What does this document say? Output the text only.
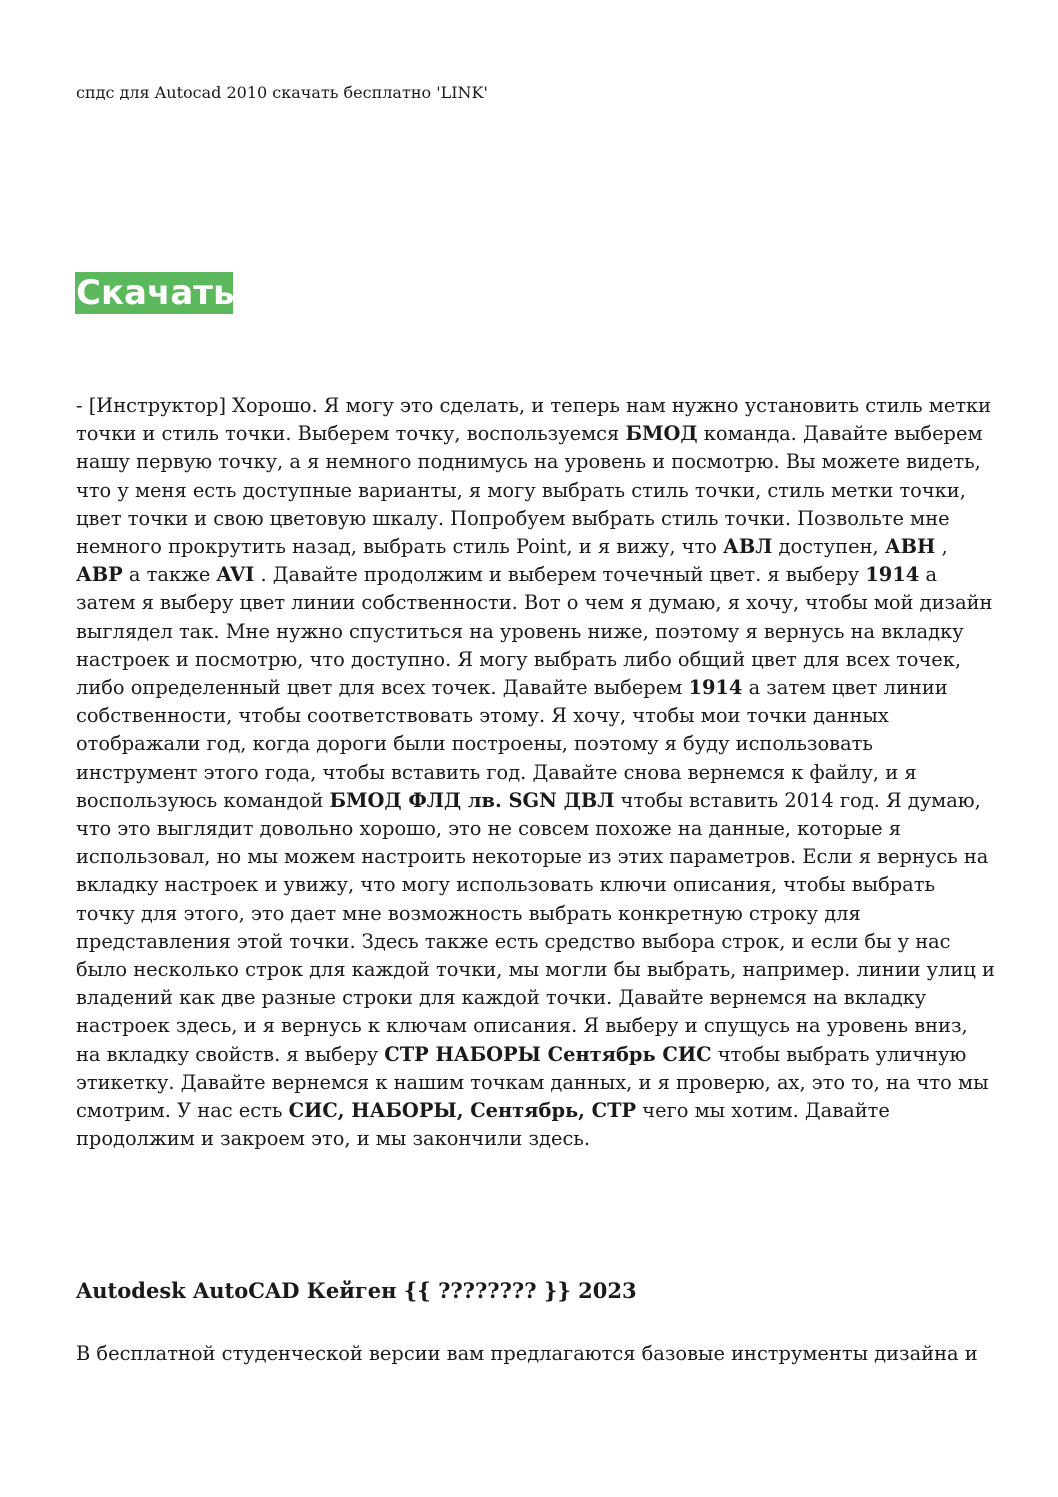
спдс для Autocad 2010 скачать бесплатно 'LINK'
Скачать

- [Инструктор] Хорошо. Я могу это сделать, и теперь нам нужно установить стиль метки точки и стиль точки. Выберем точку, воспользуемся БМОД команда. Давайте выберем нашу первую точку, а я немного поднимусь на уровень и посмотрю. Вы можете видеть, что у меня есть доступные варианты, я могу выбрать стиль точки, стиль метки точки, цвет точки и свою цветовую шкалу. Попробуем выбрать стиль точки. Позвольте мне немного прокрутить назад, выбрать стиль Point, и я вижу, что АВЛ доступен, АВН , АВР а также AVI . Давайте продолжим и выберем точечный цвет. я выберу 1914 а затем я выберу цвет линии собственности. Вот о чем я думаю, я хочу, чтобы мой дизайн выглядел так. Мне нужно спуститься на уровень ниже, поэтому я вернусь на вкладку настроек и посмотрю, что доступно. Я могу выбрать либо общий цвет для всех точек, либо определенный цвет для всех точек. Давайте выберем 1914 а затем цвет линии собственности, чтобы соответствовать этому. Я хочу, чтобы мои точки данных отображали год, когда дороги были построены, поэтому я буду использовать инструмент этого года, чтобы вставить год. Давайте снова вернемся к файлу, и я воспользуюсь командой БМОД ФЛД лв. SGN ДВЛ чтобы вставить 2014 год. Я думаю, что это выглядит довольно хорошо, это не совсем похоже на данные, которые я использовал, но мы можем настроить некоторые из этих параметров. Если я вернусь на вкладку настроек и увижу, что могу использовать ключи описания, чтобы выбрать точку для этого, это дает мне возможность выбрать конкретную строку для представления этой точки. Здесь также есть средство выбора строк, и если бы у нас было несколько строк для каждой точки, мы могли бы выбрать, например. линии улиц и владений как две разные строки для каждой точки. Давайте вернемся на вкладку настроек здесь, и я вернусь к ключам описания. Я выберу и спущусь на уровень вниз, на вкладку свойств. я выберу СТР НАБОРЫ Сентябрь СИС чтобы выбрать уличную этикетку. Давайте вернемся к нашим точкам данных, и я проверю, ах, это то, на что мы смотрим. У нас есть СИС, НАБОРЫ, Сентябрь, СТР чего мы хотим. Давайте продолжим и закроем это, и мы закончили здесь.

Autodesk AutoCAD Кейген {{ ???????? }} 2023

В бесплатной студенческой версии вам предлагаются базовые инструменты дизайна и
